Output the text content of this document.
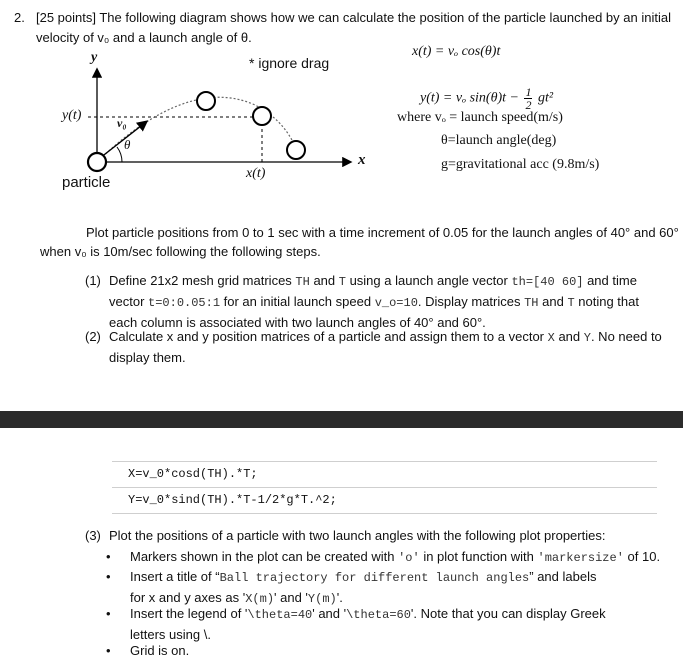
2. [25 points] The following diagram shows how we can calculate the position of the particle launched by an initial
velocity of v₀ and a launch angle of θ.
y
y(t)	v₀
θ
particle
x
x(t)
* ignore drag
x(t) = vₒ cos(θ)t
y(t) = vₒ $\sin(\theta)t - \frac{1}{2} gt^2$
where vₒ = launch speed(m/s)
θ=launch angle(deg)
g=gravitational acc (9.8m/s)
Plot particle positions from 0 to 1 sec with a time increment of 0.05 for the launch angles of 40° and 60°
when v₀ is 10m/sec following the following steps.
(1) Define 21x2 mesh grid matrices TH and T using a launch angle vector th=[40 60] and time
vector t=0:0.05:1 for an initial launch speed v_o=10. Display matrices TH and T noting that
each column is associated with two launch angles of 40° and 60°.
(2) Calculate x and y position matrices of a particle and assign them to a vector X and Y. No need to
display them.
X=v_0*cosd(TH).*T;
Y=v_0*sind(TH).*T-1/2*g*T.^2;
(3) Plot the positions of a particle with two launch angles with the following plot properties:
• Markers shown in the plot can be created with 'o' in plot function with 'markersize' of 10.
• Insert a title of “Ball trajectory for different launch angles” and labels
for x and y axes as 'X(m)' and 'Y(m)'.
• Insert the legend of '\theta=40' and '\theta=60'. Note that you can display Greek
letters using \.
• Grid is on.
